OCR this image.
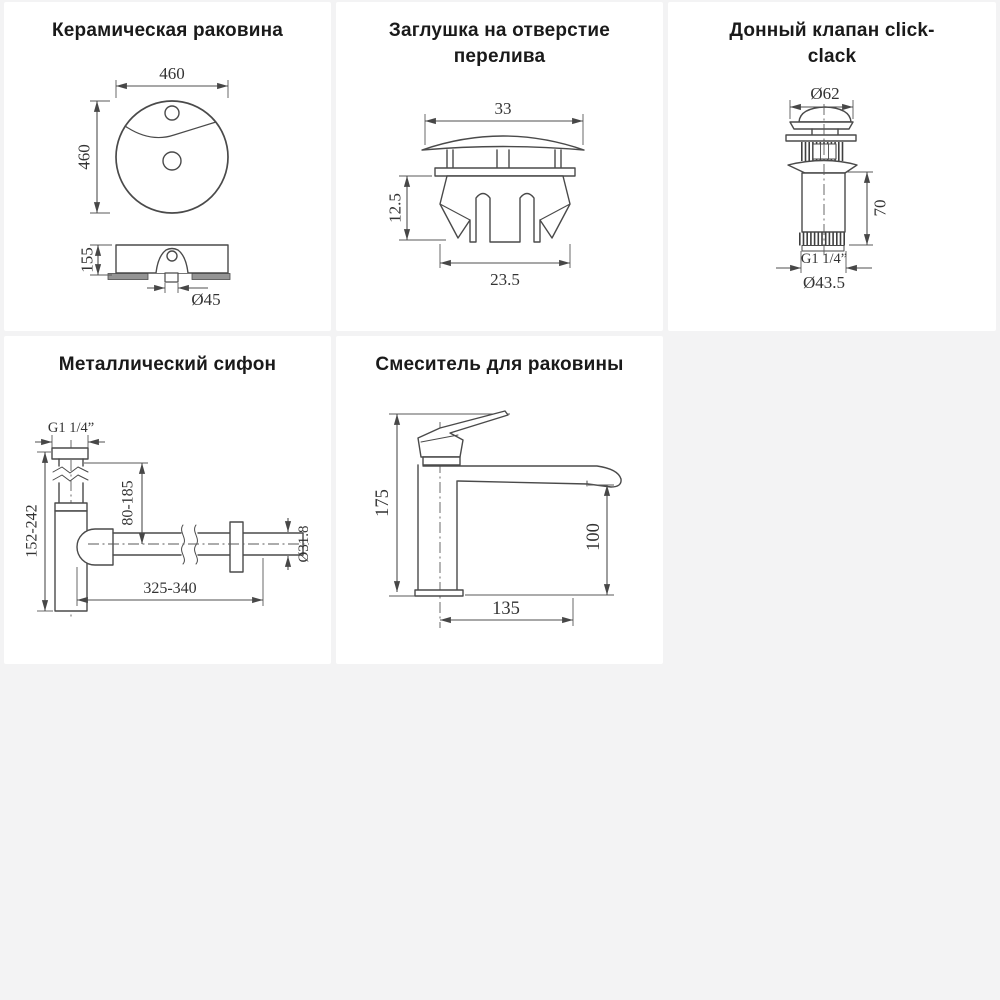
Керамическая раковина
460
460
155
Ø45
Заглушка на отверстие перелива
33
12.5
23.5
Донный клапан click-clack
Ø62
70
G1 1/4”
Ø43.5
Металлический сифон
G1 1/4”
80-185
152-242
325-340
Ø31.8
Смеситель для раковины
175
100
135
